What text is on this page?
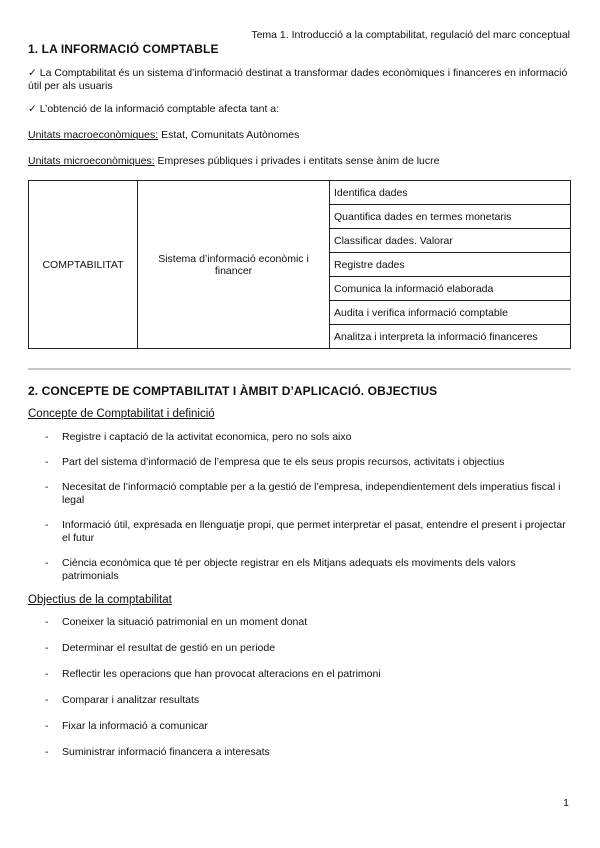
Tema 1. Introducció a la comptabilitat, regulació del marc conceptual
1. LA INFORMACIÓ COMPTABLE

✓ La Comptabilitat és un sistema d’informació destinat a transformar dades econòmiques i financeres en informació útil per als usuaris

✓ L’obtenció de la informació comptable afecta tant a:

Unitats macroeconòmiques: Estat, Comunitats Autònomes

Unitats microeconòmiques: Empreses públiques i privades i entitats sense ànim de lucre

COMPTABILITAT	Sistema d’informació econòmic i financer	Identifica dades
Quantifica dades en termes monetaris
Classificar dades. Valorar
Registre dades
Comunica la informació elaborada
Audita i verifica informació comptable
Analitza i interpreta la informació financeres
2. CONCEPTE DE COMPTABILITAT I ÀMBIT D’APLICACIÓ. OBJECTIUS
Concepte de Comptabilitat i definició
- Registre i captació de la activitat economica, pero no sols aixo
- Part del sistema d’informació de l’empresa que te els seus propis recursos, activitats i objectius
- Necesitat de l’informació comptable per a la gestió de l’empresa, independientement dels imperatius fiscal i legal
- Informació útil, expresada en llenguatje propi, que permet interpretar el pasat, entendre el present i projectar el futur
- Ciència econòmica que té per objecte registrar en els Mitjans adequats els moviments dels valors patrimonials
Objectius de la comptabilitat
- Coneixer la situació patrimonial en un moment donat
- Determinar el resultat de gestió en un periode
- Reflectir les operacions que han provocat alteracions en el patrimoni
- Comparar i analitzar resultats
- Fixar la informació a comunicar
- Suministrar informació financera a interesats
1
